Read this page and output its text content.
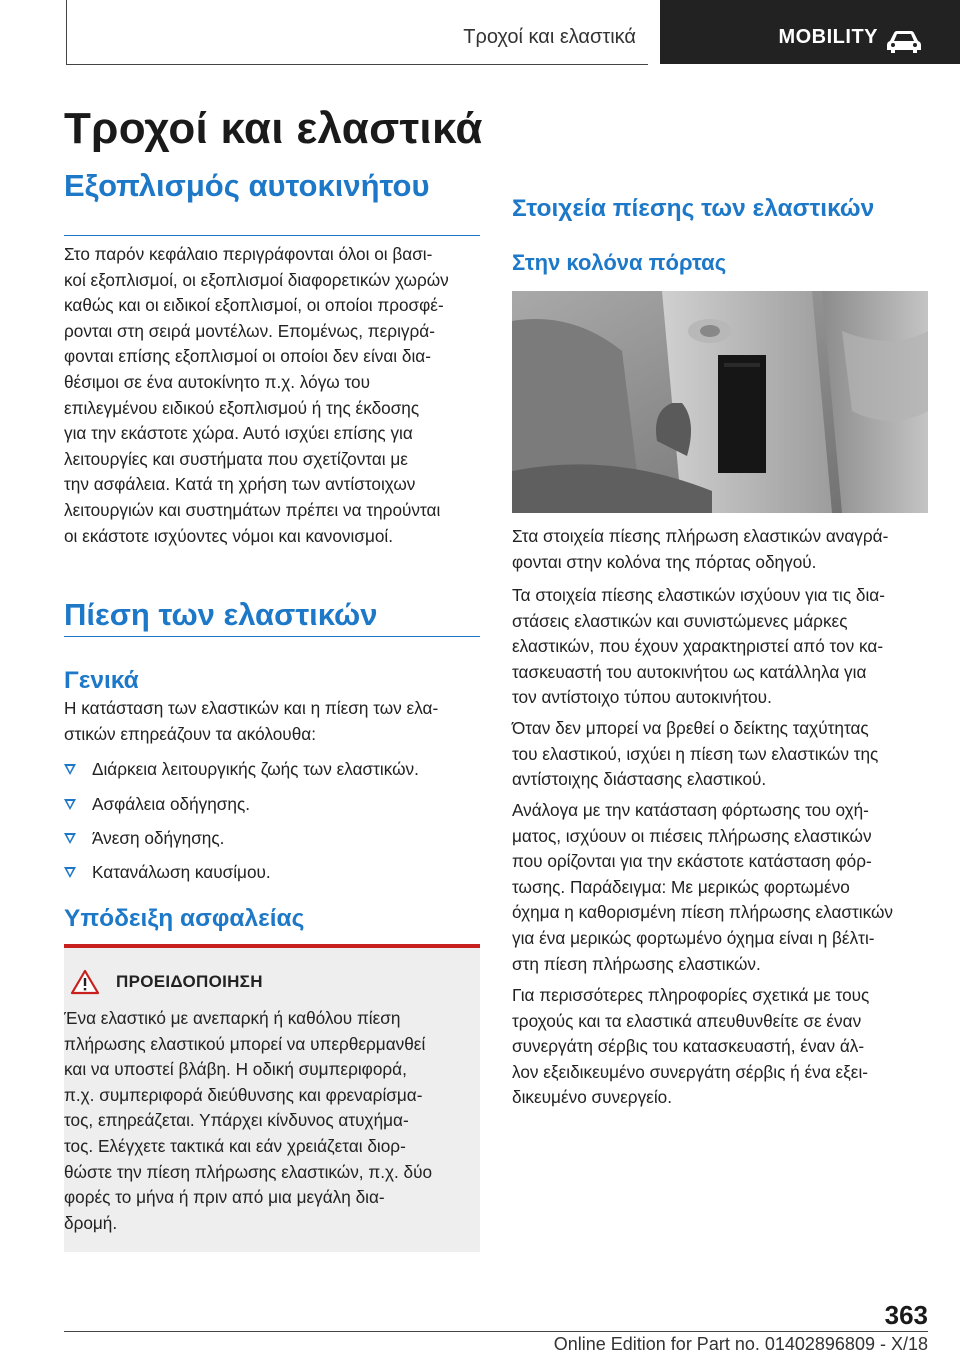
Τροχοί και ελαστικά	MOBILITY
Τροχοί και ελαστικά
Εξοπλισμός αυτοκινήτου
Στο παρόν κεφάλαιο περιγράφονται όλοι οι βασι-
κοί εξοπλισμοί, οι εξοπλισμοί διαφορετικών χωρών
καθώς και οι ειδικοί εξοπλισμοί, οι οποίοι προσφέ-
ρονται στη σειρά μοντέλων. Επομένως, περιγρά-
φονται επίσης εξοπλισμοί οι οποίοι δεν είναι δια-
θέσιμοι σε ένα αυτοκίνητο π.χ. λόγω του
επιλεγμένου ειδικού εξοπλισμού ή της έκδοσης
για την εκάστοτε χώρα. Αυτό ισχύει επίσης για
λειτουργίες και συστήματα που σχετίζονται με
την ασφάλεια. Κατά τη χρήση των αντίστοιχων
λειτουργιών και συστημάτων πρέπει να τηρούνται
οι εκάστοτε ισχύοντες νόμοι και κανονισμοί.
Πίεση των ελαστικών
Γενικά
Η κατάσταση των ελαστικών και η πίεση των ελα-
στικών επηρεάζουν τα ακόλουθα:
Διάρκεια λειτουργικής ζωής των ελαστικών.
Ασφάλεια οδήγησης.
Άνεση οδήγησης.
Κατανάλωση καυσίμου.
Υπόδειξη ασφαλείας
ΠΡΟΕΙΔΟΠΟΙΗΣΗ
Ένα ελαστικό με ανεπαρκή ή καθόλου πίεση
πλήρωσης ελαστικού μπορεί να υπερθερμανθεί
και να υποστεί βλάβη. Η οδική συμπεριφορά,
π.χ. συμπεριφορά διεύθυνσης και φρεναρίσμα-
τος, επηρεάζεται. Υπάρχει κίνδυνος ατυχήμα-
τος. Ελέγχετε τακτικά και εάν χρειάζεται διορ-
θώστε την πίεση πλήρωσης ελαστικών, π.χ. δύο
φορές το μήνα ή πριν από μια μεγάλη δια-
δρομή.
Στοιχεία πίεσης των ελαστικών
Στην κολόνα πόρτας
Στα στοιχεία πίεσης πλήρωση ελαστικών αναγρά-
φονται στην κολόνα της πόρτας οδηγού.
Τα στοιχεία πίεσης ελαστικών ισχύουν για τις δια-
στάσεις ελαστικών και συνιστώμενες μάρκες
ελαστικών, που έχουν χαρακτηριστεί από τον κα-
τασκευαστή του αυτοκινήτου ως κατάλληλα για
τον αντίστοιχο τύπου αυτοκινήτου.
Όταν δεν μπορεί να βρεθεί ο δείκτης ταχύτητας
του ελαστικού, ισχύει η πίεση των ελαστικών της
αντίστοιχης διάστασης ελαστικού.
Ανάλογα με την κατάσταση φόρτωσης του οχή-
ματος, ισχύουν οι πιέσεις πλήρωσης ελαστικών
που ορίζονται για την εκάστοτε κατάσταση φόρ-
τωσης. Παράδειγμα: Με μερικώς φορτωμένο
όχημα η καθορισμένη πίεση πλήρωσης ελαστικών
για ένα μερικώς φορτωμένο όχημα είναι η βέλτι-
στη πίεση πλήρωσης ελαστικών.
Για περισσότερες πληροφορίες σχετικά με τους
τροχούς και τα ελαστικά απευθυνθείτε σε έναν
συνεργάτη σέρβις του κατασκευαστή, έναν άλ-
λον εξειδικευμένο συνεργάτη σέρβις ή ένα εξει-
δικευμένο συνεργείο.
363
Online Edition for Part no. 01402896809 - X/18
